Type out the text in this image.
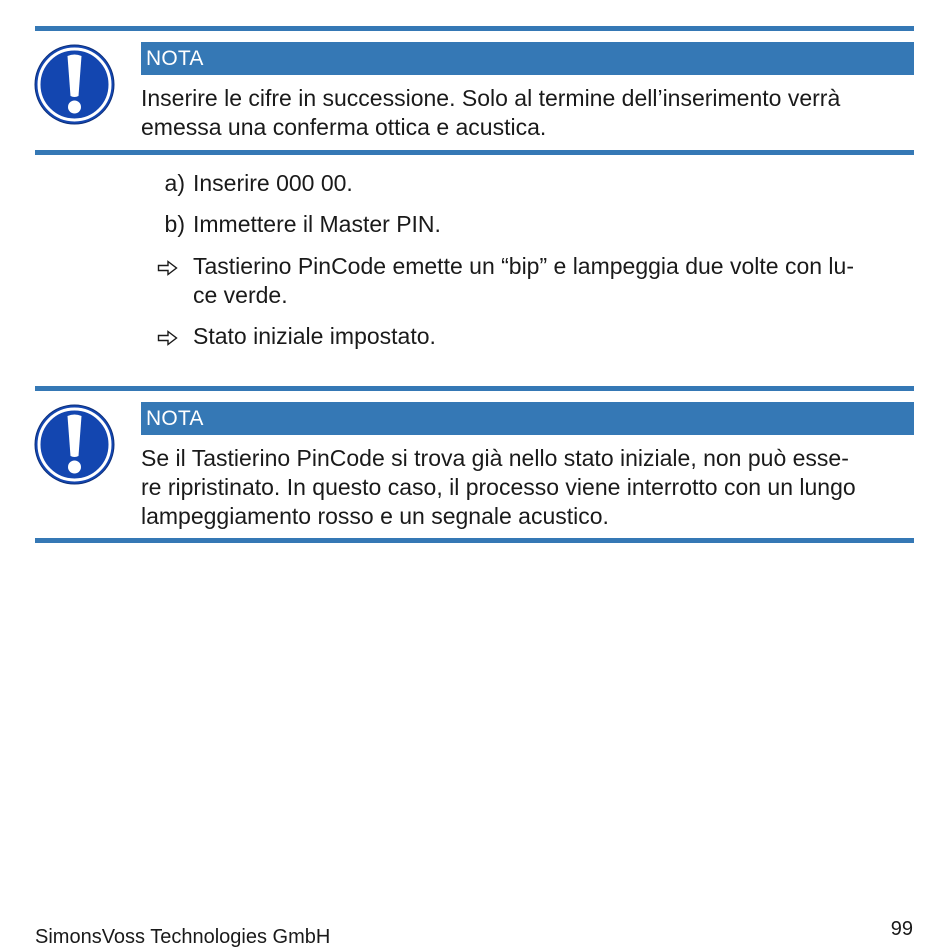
NOTA
Inserire le cifre in successione. Solo al termine dell’inserimento verrà
emessa una conferma ottica e acustica.
a) Inserire 000 00.
b) Immettere il Master PIN.
Tastierino PinCode emette un “bip” e lampeggia due volte con lu-
ce verde.
Stato iniziale impostato.
NOTA
Se il Tastierino PinCode si trova già nello stato iniziale, non può esse-
re ripristinato. In questo caso, il processo viene interrotto con un lungo
lampeggiamento rosso e un segnale acustico.
SimonsVoss Technologies GmbH	99
